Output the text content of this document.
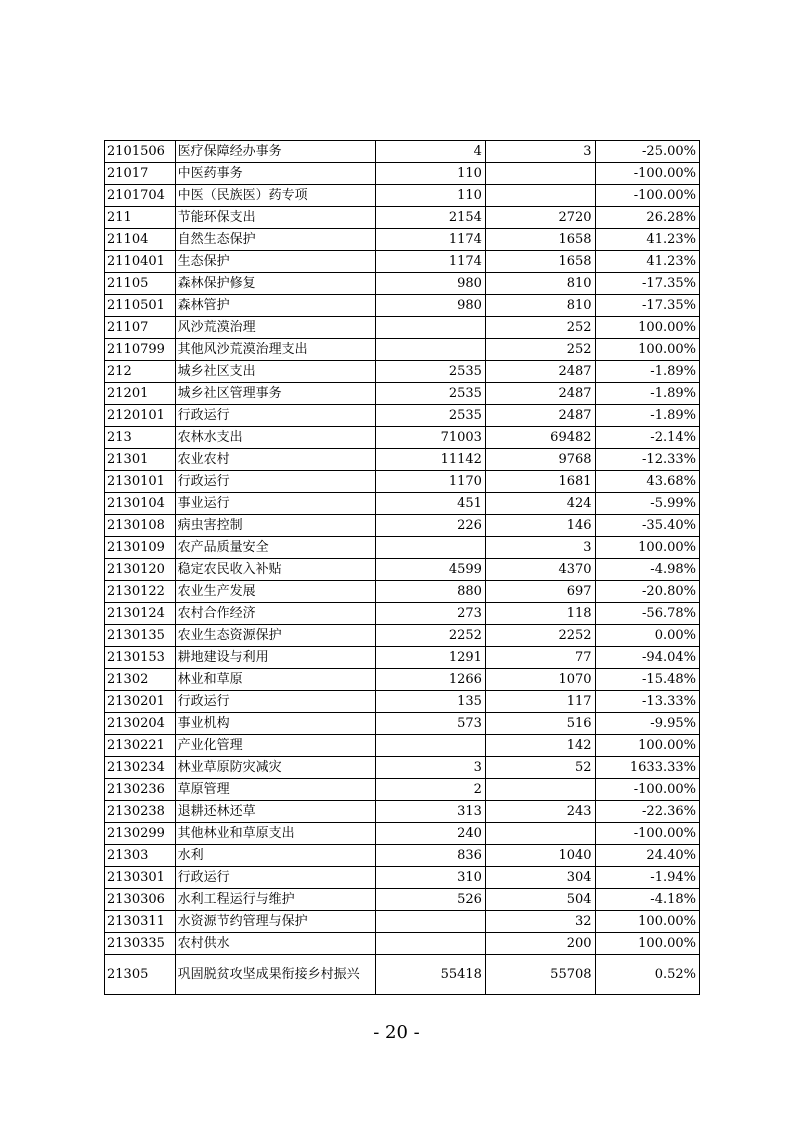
2101506	医疗保障经办事务	4	3	-25.00%
21017	中医药事务	110		-100.00%
2101704	中医（民族医）药专项	110		-100.00%
211	节能环保支出	2154	2720	26.28%
21104	自然生态保护	1174	1658	41.23%
2110401	生态保护	1174	1658	41.23%
21105	森林保护修复	980	810	-17.35%
2110501	森林管护	980	810	-17.35%
21107	风沙荒漠治理		252	100.00%
2110799	其他风沙荒漠治理支出		252	100.00%
212	城乡社区支出	2535	2487	-1.89%
21201	城乡社区管理事务	2535	2487	-1.89%
2120101	行政运行	2535	2487	-1.89%
213	农林水支出	71003	69482	-2.14%
21301	农业农村	11142	9768	-12.33%
2130101	行政运行	1170	1681	43.68%
2130104	事业运行	451	424	-5.99%
2130108	病虫害控制	226	146	-35.40%
2130109	农产品质量安全		3	100.00%
2130120	稳定农民收入补贴	4599	4370	-4.98%
2130122	农业生产发展	880	697	-20.80%
2130124	农村合作经济	273	118	-56.78%
2130135	农业生态资源保护	2252	2252	0.00%
2130153	耕地建设与利用	1291	77	-94.04%
21302	林业和草原	1266	1070	-15.48%
2130201	行政运行	135	117	-13.33%
2130204	事业机构	573	516	-9.95%
2130221	产业化管理		142	100.00%
2130234	林业草原防灾减灾	3	52	1633.33%
2130236	草原管理	2		-100.00%
2130238	退耕还林还草	313	243	-22.36%
2130299	其他林业和草原支出	240		-100.00%
21303	水利	836	1040	24.40%
2130301	行政运行	310	304	-1.94%
2130306	水利工程运行与维护	526	504	-4.18%
2130311	水资源节约管理与保护		32	100.00%
2130335	农村供水		200	100.00%
21305	巩固脱贫攻坚成果衔接乡村振兴	55418	55708	0.52%
- 20 -
